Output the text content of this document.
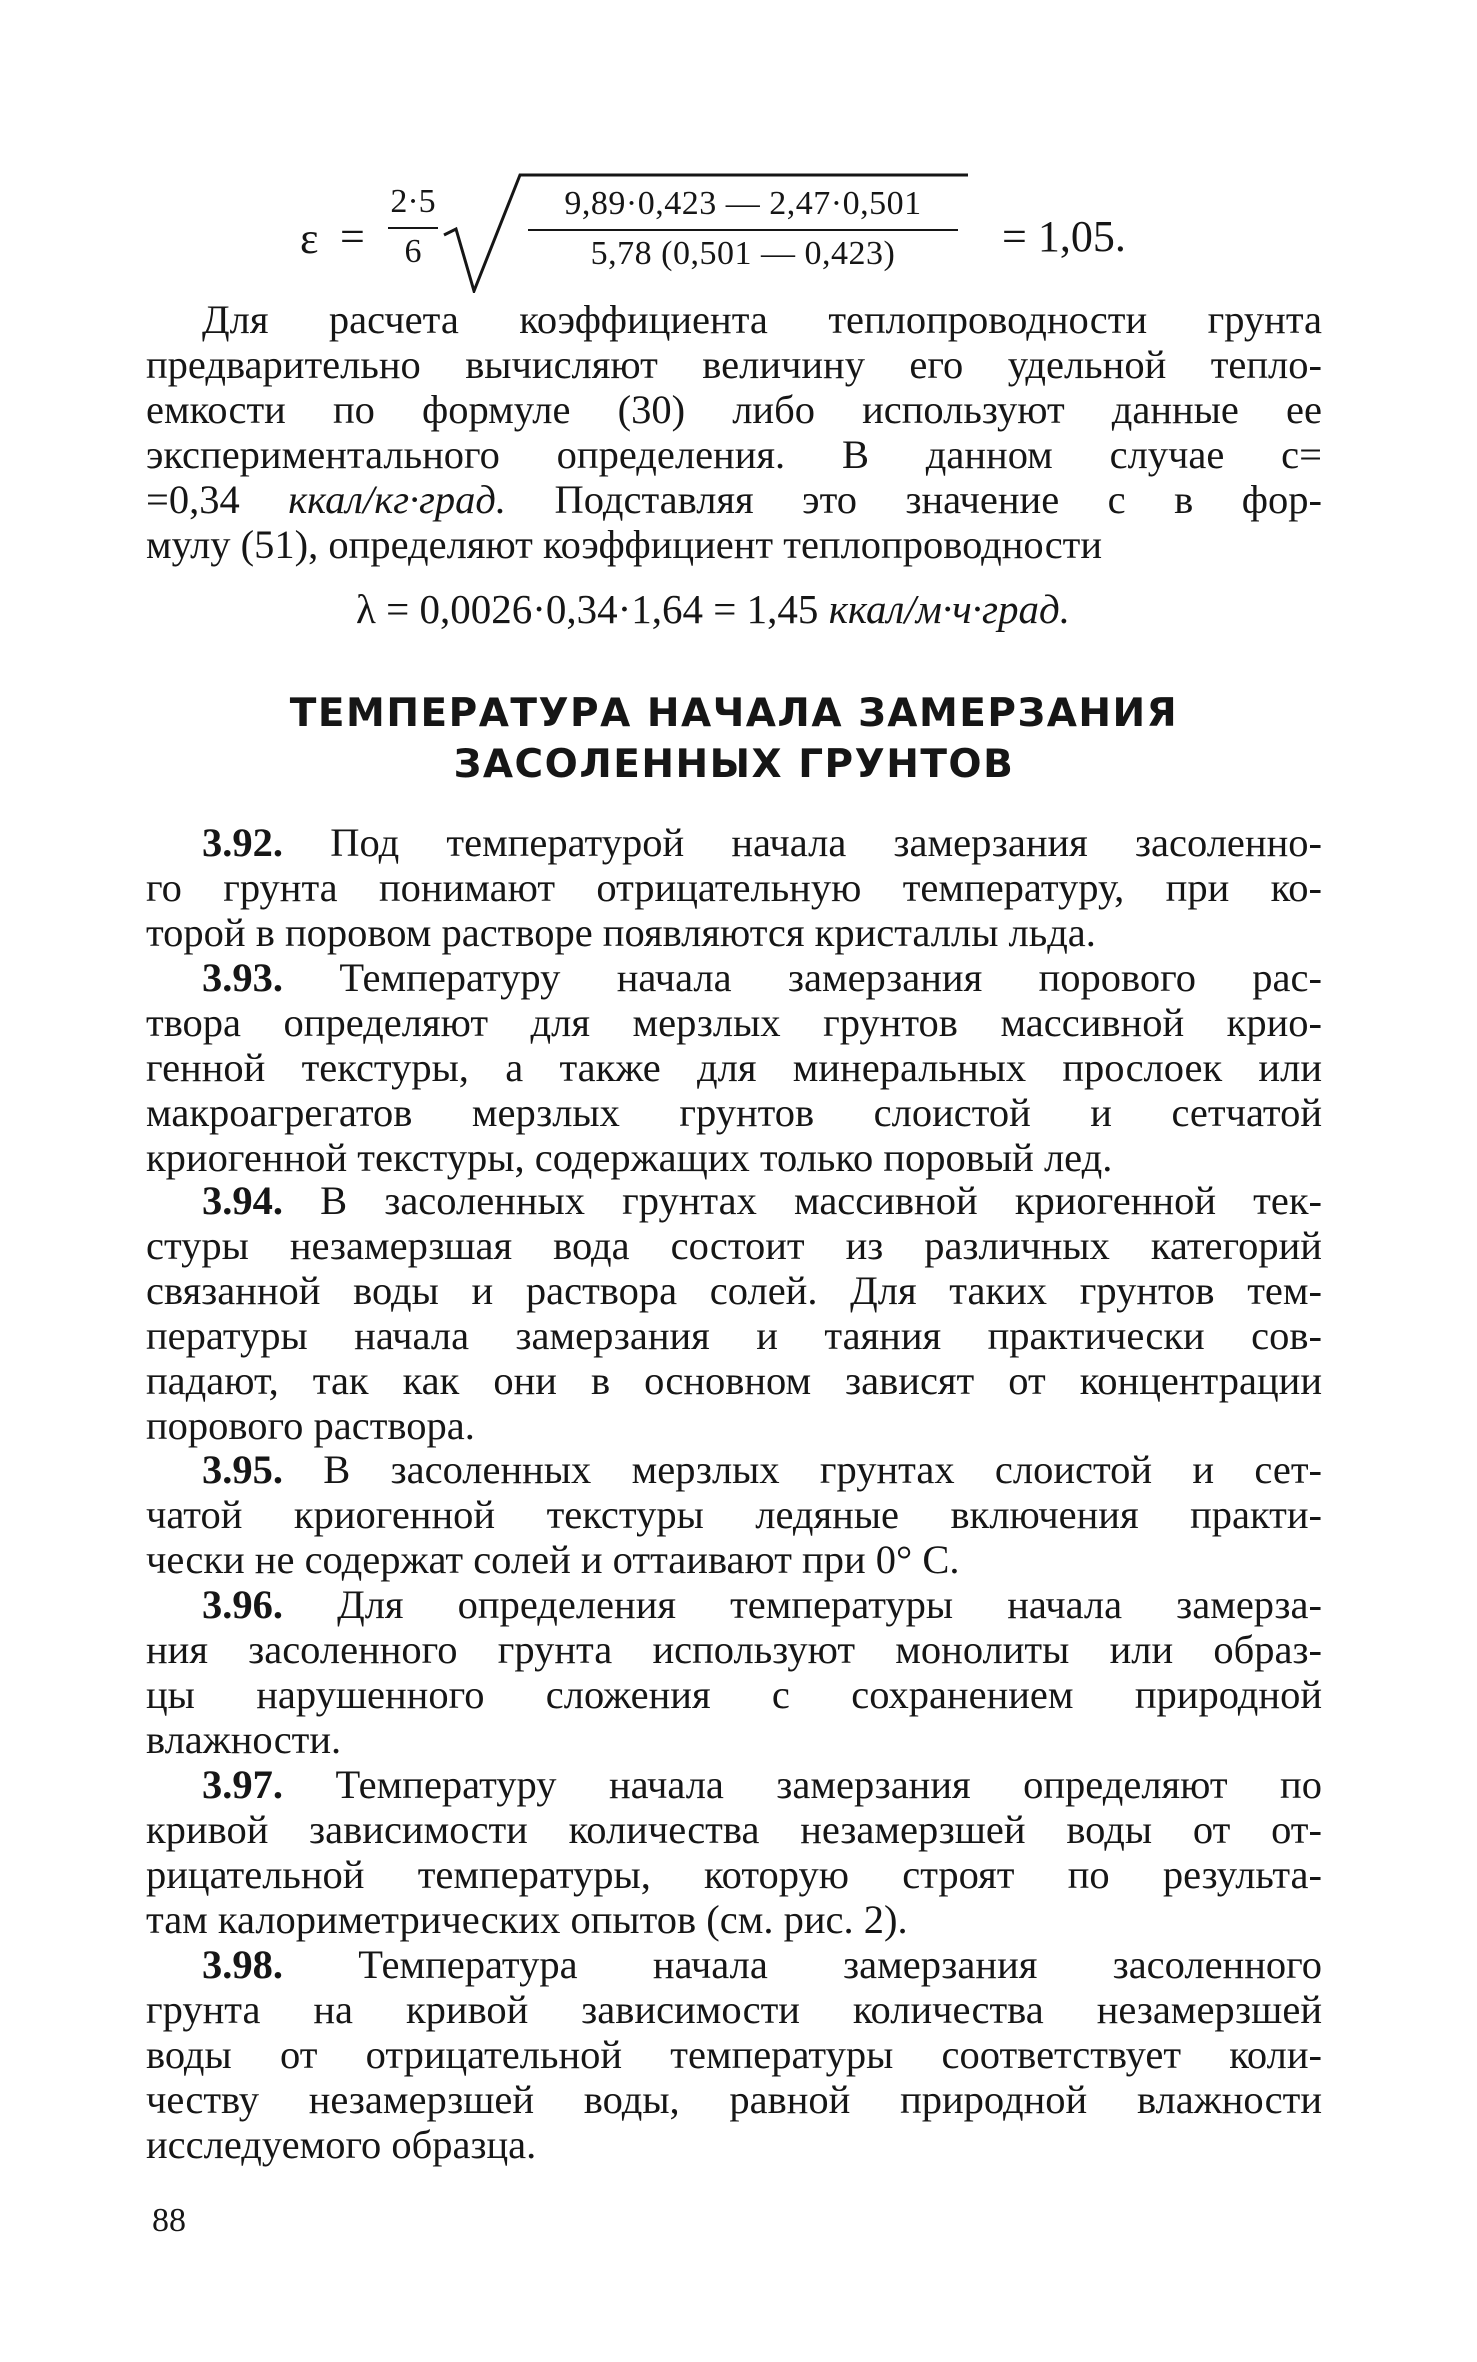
ε =
2·5
6
9,89·0,423 — 2,47·0,501
5,78 (0,501 — 0,423)	= 1,05.
Для расчета коэффициента теплопроводности грунта
предварительно вычисляют величину его удельной тепло-
емкости по формуле (30) либо используют данные ее
экспериментального определения. В данном случае с=
=0,34 ккал/кг·град. Подставляя это значение с в фор-
мулу (51), определяют коэффициент теплопроводности
λ = 0,0026·0,34·1,64 = 1,45 ккал/м·ч·град.
ТЕМПЕРАТУРА НАЧАЛА ЗАМЕРЗАНИЯ
ЗАСОЛЕННЫХ ГРУНТОВ
3.92. Под температурой начала замерзания засоленно-
го грунта понимают отрицательную температуру, при ко-
торой в поровом растворе появляются кристаллы льда.
3.93. Температуру начала замерзания порового рас-
твора определяют для мерзлых грунтов массивной крио-
генной текстуры, а также для минеральных прослоек или
макроагрегатов мерзлых грунтов слоистой и сетчатой
криогенной текстуры, содержащих только поровый лед.
3.94. В засоленных грунтах массивной криогенной тек-
стуры незамерзшая вода состоит из различных категорий
связанной воды и раствора солей. Для таких грунтов тем-
пературы начала замерзания и таяния практически сов-
падают, так как они в основном зависят от концентрации
порового раствора.
3.95. В засоленных мерзлых грунтах слоистой и сет-
чатой криогенной текстуры ледяные включения практи-
чески не содержат солей и оттаивают при 0° С.
3.96. Для определения температуры начала замерза-
ния засоленного грунта используют монолиты или образ-
цы нарушенного сложения с сохранением природной
влажности.
3.97. Температуру начала замерзания определяют по
кривой зависимости количества незамерзшей воды от от-
рицательной температуры, которую строят по результа-
там калориметрических опытов (см. рис. 2).
3.98. Температура начала замерзания засоленного
грунта на кривой зависимости количества незамерзшей
воды от отрицательной температуры соответствует коли-
честву незамерзшей воды, равной природной влажности
исследуемого образца.
88
